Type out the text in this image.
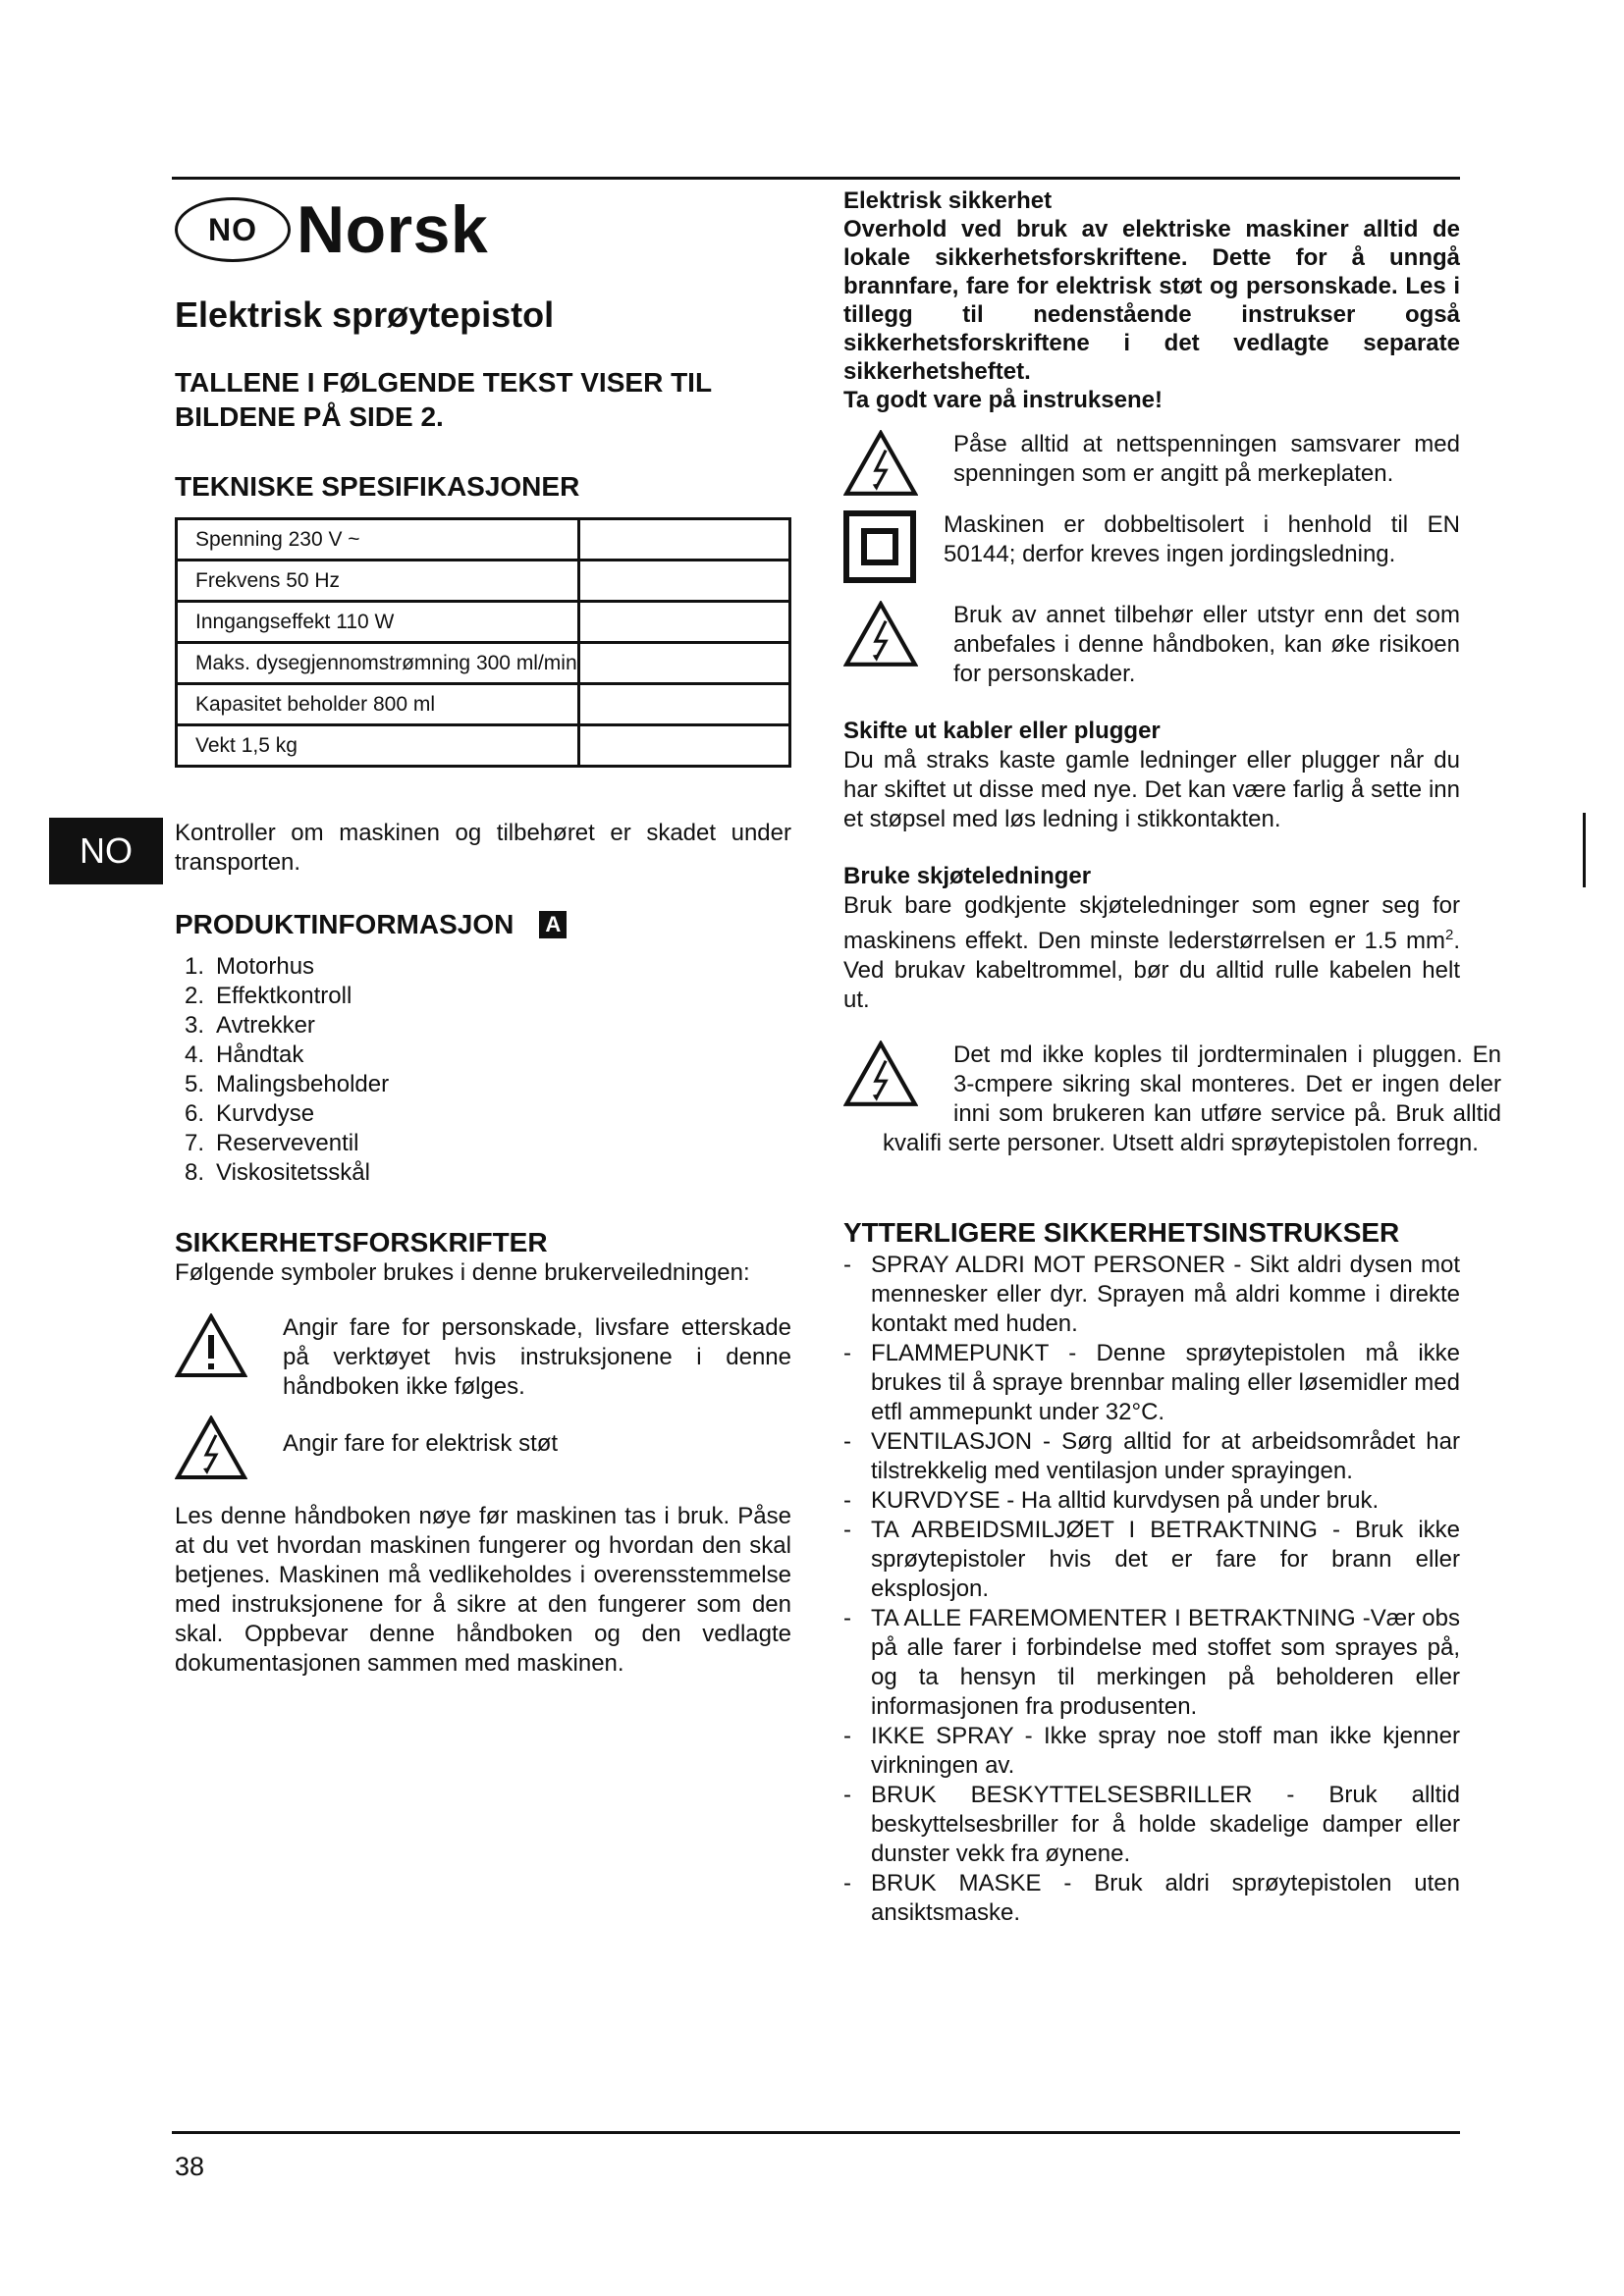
NO
NO Norsk
Elektrisk sprøytepistol
TALLENE I FØLGENDE TEKST VISER TIL BILDENE PÅ SIDE 2.
TEKNISKE SPESIFIKASJONER
Spenning 230 V ~	
Frekvens 50 Hz	
Inngangseffekt 110 W	
Maks. dysegjennomstrømning 300 ml/min	
Kapasitet beholder 800 ml	
Vekt 1,5 kg	

Kontroller om maskinen og tilbehøret er skadet under transporten.

PRODUKTINFORMASJON A
1. Motorhus
2. Effektkontroll
3. Avtrekker
4. Håndtak
5. Malingsbeholder
6. Kurvdyse
7. Reserveventil
8. Viskositetsskål
SIKKERHETSFORSKRIFTER

Følgende symboler brukes i denne brukerveiledningen:

Angir fare for personskade, livsfare etterskade på verktøyet hvis instruksjonene i denne håndboken ikke følges.
Angir fare for elektrisk støt

Les denne håndboken nøye før maskinen tas i bruk. Påse at du vet hvordan maskinen fungerer og hvordan den skal betjenes. Maskinen må vedlikeholdes i overensstemmelse med instruksjonene for å sikre at den fungerer som den skal. Oppbevar denne håndboken og den vedlagte dokumentasjonen sammen med maskinen.

Elektrisk sikkerhet

Overhold ved bruk av elektriske maskiner alltid de lokale sikkerhetsforskriftene. Dette for å unngå brannfare, fare for elektrisk støt og personskade. Les i tillegg til nedenstående instrukser også sikkerhetsforskriftene i det vedlagte separate sikkerhetsheftet.

Ta godt vare på instruksene!

Påse alltid at nettspenningen samsvarer med spenningen som er angitt på merkeplaten.
Maskinen er dobbeltisolert i henhold til EN 50144; derfor kreves ingen jordingsledning.
Bruk av annet tilbehør eller utstyr enn det som anbefales i denne håndboken, kan øke risikoen for personskader.
Skifte ut kabler eller plugger

Du må straks kaste gamle ledninger eller plugger når du har skiftet ut disse med nye. Det kan være farlig å sette inn et støpsel med løs ledning i stikkontakten.

Bruke skjøteledninger

Bruk bare godkjente skjøteledninger som egner seg for maskinens effekt. Den minste lederstørrelsen er 1.5 $mm^2$. Ved brukav kabeltrommel, bør du alltid rulle kabelen helt ut.

Det md ikke koples til jordterminalen i pluggen. En 3-cmpere sikring skal monteres. Det er ingen deler inni som brukeren kan utføre service på. Bruk alltid kvalifi serte personer. Utsett aldri sprøytepistolen forregn.
YTTERLIGERE SIKKERHETSINSTRUKSER
- SPRAY ALDRI MOT PERSONER - Sikt aldri dysen mot mennesker eller dyr. Sprayen må aldri komme i direkte kontakt med huden.
- FLAMMEPUNKT - Denne sprøytepistolen må ikke brukes til å spraye brennbar maling eller løsemidler med etfl ammepunkt under 32°C.
- VENTILASJON - Sørg alltid for at arbeidsområdet har tilstrekkelig med ventilasjon under sprayingen.
- KURVDYSE - Ha alltid kurvdysen på under bruk.
- TA ARBEIDSMILJØET I BETRAKTNING - Bruk ikke sprøytepistoler hvis det er fare for brann eller eksplosjon.
- TA ALLE FAREMOMENTER I BETRAKTNING -Vær obs på alle farer i forbindelse med stoffet som sprayes på, og ta hensyn til merkingen på beholderen eller informasjonen fra produsenten.
- IKKE SPRAY - Ikke spray noe stoff man ikke kjenner virkningen av.
- BRUK BESKYTTELSESBRILLER - Bruk alltid beskyttelsesbriller for å holde skadelige damper eller dunster vekk fra øynene.
- BRUK MASKE - Bruk aldri sprøytepistolen uten ansiktsmaske.
38
